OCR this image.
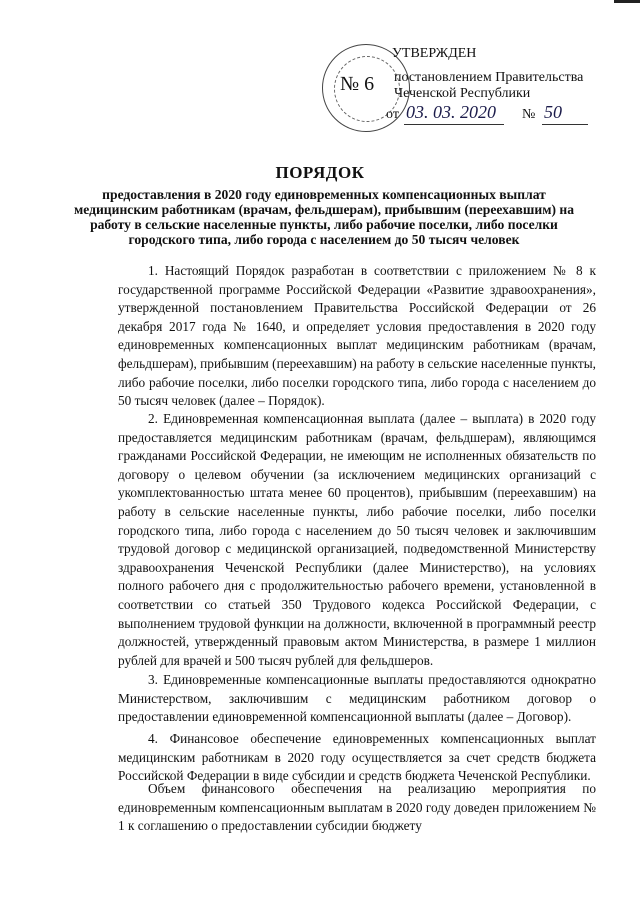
№ 6
УТВЕРЖДЕН
постановлением Правительства
Чеченской Республики
от 03. 03. 2020 № 50
ПОРЯДОК
предоставления в 2020 году единовременных компенсационных выплат медицинским работникам (врачам, фельдшерам), прибывшим (переехавшим) на работу в сельские населенные пункты, либо рабочие поселки, либо поселки городского типа, либо города с населением до 50 тысяч человек
1. Настоящий Порядок разработан в соответствии с приложением № 8 к государственной программе Российской Федерации «Развитие здравоохранения», утвержденной постановлением Правительства Российской Федерации от 26 декабря 2017 года № 1640, и определяет условия предоставления в 2020 году единовременных компенсационных выплат медицинским работникам (врачам, фельдшерам), прибывшим (переехавшим) на работу в сельские населенные пункты, либо рабочие поселки, либо поселки городского типа, либо города с населением до 50 тысяч человек (далее – Порядок).
2. Единовременная компенсационная выплата (далее – выплата) в 2020 году предоставляется медицинским работникам (врачам, фельдшерам), являющимся гражданами Российской Федерации, не имеющим не исполненных обязательств по договору о целевом обучении (за исключением медицинских организаций с укомплектованностью штата менее 60 процентов), прибывшим (переехавшим) на работу в сельские населенные пункты, либо рабочие поселки, либо поселки городского типа, либо города с населением до 50 тысяч человек и заключившим трудовой договор с медицинской организацией, подведомственной Министерству здравоохранения Чеченской Республики (далее Министерство), на условиях полного рабочего дня с продолжительностью рабочего времени, установленной в соответствии со статьей 350 Трудового кодекса Российской Федерации, с выполнением трудовой функции на должности, включенной в программный реестр должностей, утвержденный правовым актом Министерства, в размере 1 миллион рублей для врачей и 500 тысяч рублей для фельдшеров.
3. Единовременные компенсационные выплаты предоставляются однократно Министерством, заключившим с медицинским работником договор о предоставлении единовременной компенсационной выплаты (далее – Договор).
4. Финансовое обеспечение единовременных компенсационных выплат медицинским работникам в 2020 году осуществляется за счет средств бюджета Российской Федерации в виде субсидии и средств бюджета Чеченской Республики.
Объем финансового обеспечения на реализацию мероприятия по единовременным компенсационным выплатам в 2020 году доведен приложением № 1 к соглашению о предоставлении субсидии бюджету
